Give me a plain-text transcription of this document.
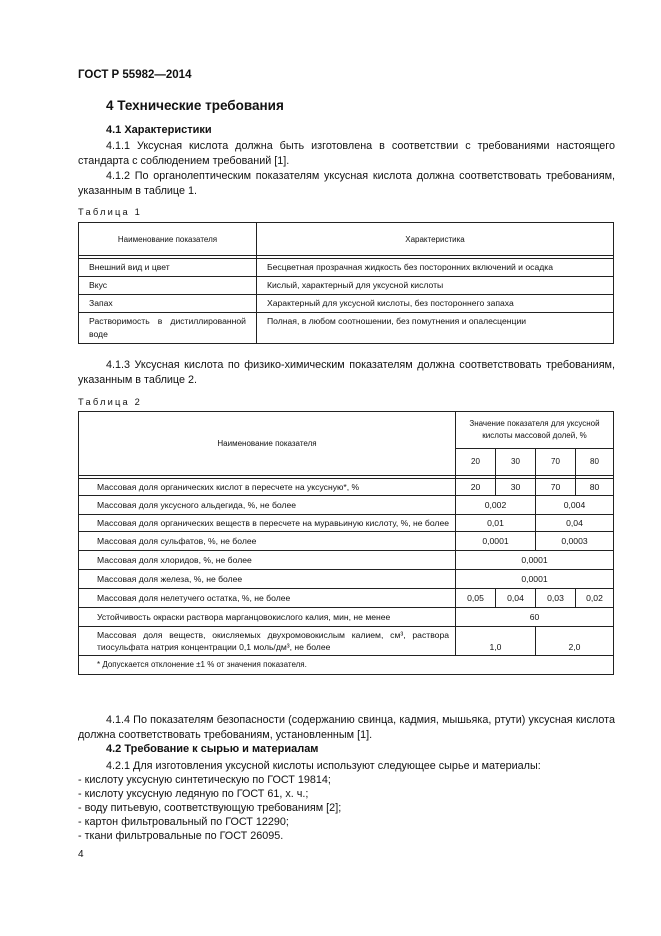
ГОСТ Р 55982—2014
4 Технические требования
4.1 Характеристики
4.1.1 Уксусная кислота должна быть изготовлена в соответствии с требованиями настоящего стандарта с соблюдением требований [1].
4.1.2 По органолептическим показателям уксусная кислота должна соответствовать требованиям, указанным в таблице 1.
Таблица 1
Наименование показателя	Характеристика

Внешний вид и цвет	Бесцветная прозрачная жидкость без посторонних включений и осадка
Вкус	Кислый, характерный для уксусной кислоты
Запах	Характерный для уксусной кислоты, без постороннего запаха
Растворимость в дистиллированной воде	Полная, в любом соотношении, без помутнения и опалесценции
4.1.3 Уксусная кислота по физико-химическим показателям должна соответствовать требованиям, указанным в таблице 2.
Таблица 2
Наименование показателя	Значение показателя для уксусной кислоты массовой долей, %			
	20	30	70	80

Массовая доля органических кислот в пересчете на уксусную*, %	20	30	70	80
Массовая доля уксусного альдегида, %, не более	0,002		0,004	
Массовая доля органических веществ в пересчете на муравьиную кислоту, %, не более	0,01		0,04	
Массовая доля сульфатов, %, не более	0,0001		0,0003	
Массовая доля хлоридов, %, не более	0,0001			
Массовая доля железа, %, не более	0,0001			
Массовая доля нелетучего остатка, %, не более	0,05	0,04	0,03	0,02
Устойчивость окраски раствора марганцовокислого калия, мин, не менее	60			
Массовая доля веществ, окисляемых двухромовокислым калием, см³, раствора тиосульфата натрия концентрации 0,1 моль/дм³, не более	1,0		2,0	
* Допускается отклонение ±1 % от значения показателя.				
4.1.4 По показателям безопасности (содержанию свинца, кадмия, мышьяка, ртути) уксусная кислота должна соответствовать требованиям, установленным [1].
4.2 Требование к сырью и материалам
4.2.1 Для изготовления уксусной кислоты используют следующее сырье и материалы:
- кислоту уксусную синтетическую по ГОСТ 19814;
- кислоту уксусную ледяную по ГОСТ 61, х. ч.;
- воду питьевую, соответствующую требованиям [2];
- картон фильтровальный по ГОСТ 12290;
- ткани фильтровальные по ГОСТ 26095.
4
